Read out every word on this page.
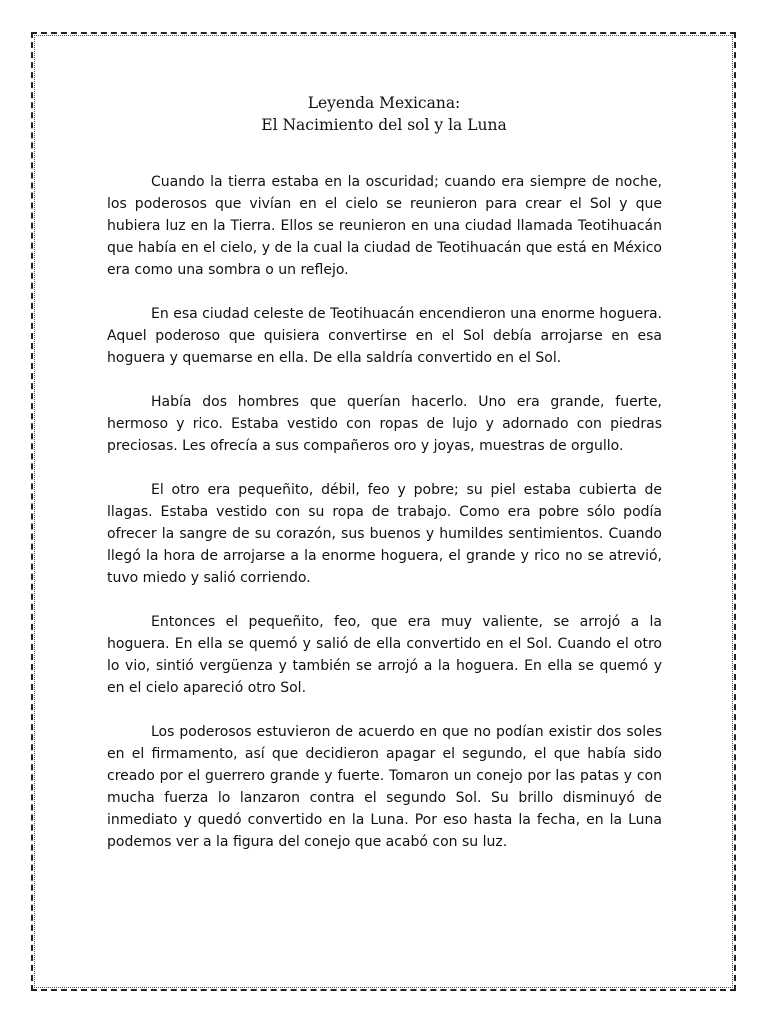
Leyenda Mexicana:
El Nacimiento del sol y la Luna

Cuando la tierra estaba en la oscuridad; cuando era siempre de noche, los poderosos que vivían en el cielo se reunieron para crear el Sol y que hubiera luz en la Tierra. Ellos se reunieron en una ciudad llamada Teotihuacán que había en el cielo, y de la cual la ciudad de Teotihuacán que está en México era como una sombra o un reflejo.

En esa ciudad celeste de Teotihuacán encendieron una enorme hoguera. Aquel poderoso que quisiera convertirse en el Sol debía arrojarse en esa hoguera y quemarse en ella. De ella saldría convertido en el Sol.

Había dos hombres que querían hacerlo. Uno era grande, fuerte, hermoso y rico. Estaba vestido con ropas de lujo y adornado con piedras preciosas. Les ofrecía a sus compañeros oro y joyas, muestras de orgullo.

El otro era pequeñito, débil, feo y pobre; su piel estaba cubierta de llagas. Estaba vestido con su ropa de trabajo. Como era pobre sólo podía ofrecer la sangre de su corazón, sus buenos y humildes sentimientos. Cuando llegó la hora de arrojarse a la enorme hoguera, el grande y rico no se atrevió, tuvo miedo y salió corriendo.

Entonces el pequeñito, feo, que era muy valiente, se arrojó a la hoguera. En ella se quemó y salió de ella convertido en el Sol. Cuando el otro lo vio, sintió vergüenza y también se arrojó a la hoguera. En ella se quemó y en el cielo apareció otro Sol.

Los poderosos estuvieron de acuerdo en que no podían existir dos soles en el firmamento, así que decidieron apagar el segundo, el que había sido creado por el guerrero grande y fuerte. Tomaron un conejo por las patas y con mucha fuerza lo lanzaron contra el segundo Sol. Su brillo disminuyó de inmediato y quedó convertido en la Luna. Por eso hasta la fecha, en la Luna podemos ver a la figura del conejo que acabó con su luz.
